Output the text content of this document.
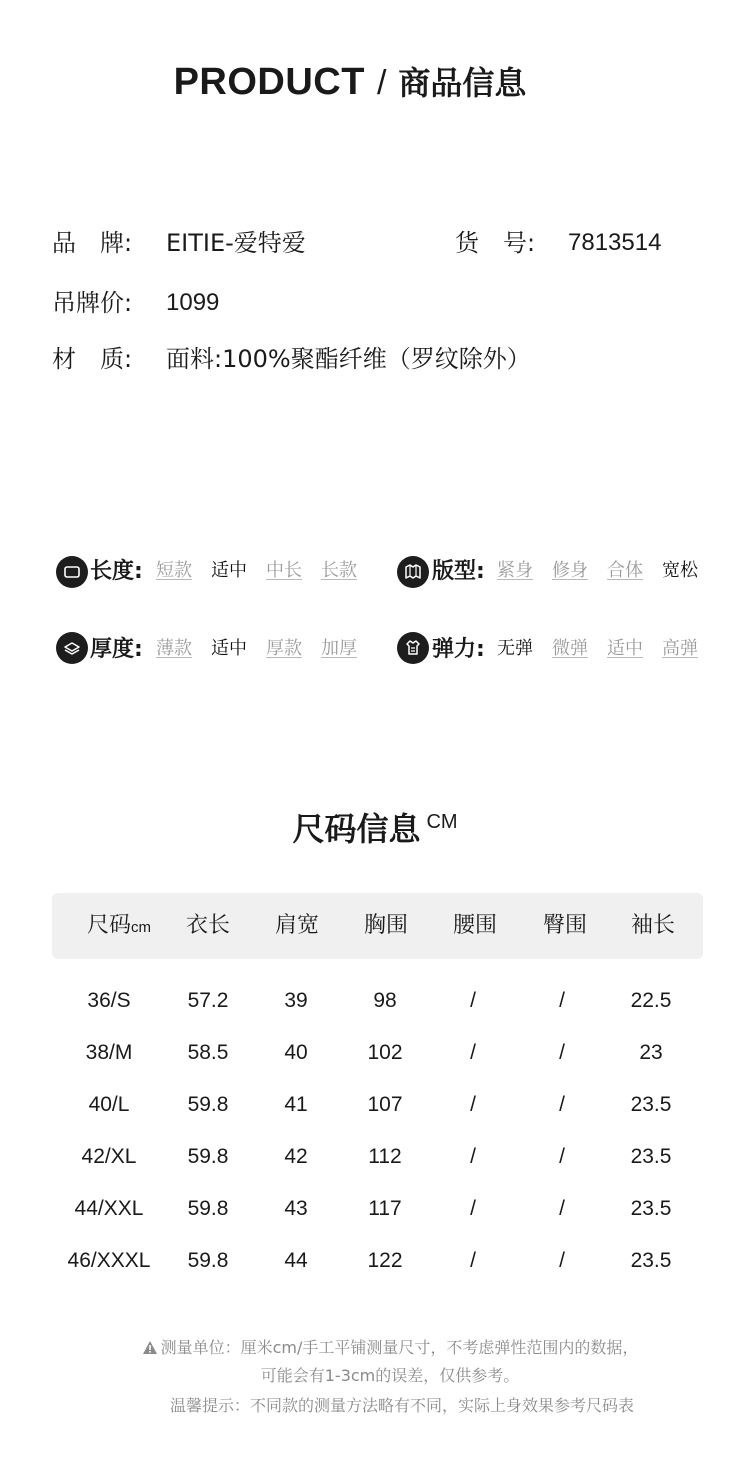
PRODUCT / 商品信息
品　牌: EITIE-爱特爱	货　号: 7813514
吊牌价: 1099
材　质: 面料:100%聚酯纤维（罗纹除外）
长度: 短款 适中 中长 长款	版型: 紧身 修身 合体 宽松
厚度: 薄款 适中 厚款 加厚	弹力: 无弹 微弹 适中 高弹
尺码信息 CM
尺码cm	衣长	肩宽	胸围	腰围	臀围	袖长
36/S	57.2	39	98	/	/	22.5
38/M	58.5	40	102	/	/	23
40/L	59.8	41	107	/	/	23.5
42/XL	59.8	42	112	/	/	23.5
44/XXL	59.8	43	117	/	/	23.5
46/XXXL	59.8	44	122	/	/	23.5
测量单位：厘米cm/手工平铺测量尺寸，不考虑弹性范围内的数据，
可能会有1-3cm的误差，仅供参考。
温馨提示：不同款的测量方法略有不同，实际上身效果参考尺码表
